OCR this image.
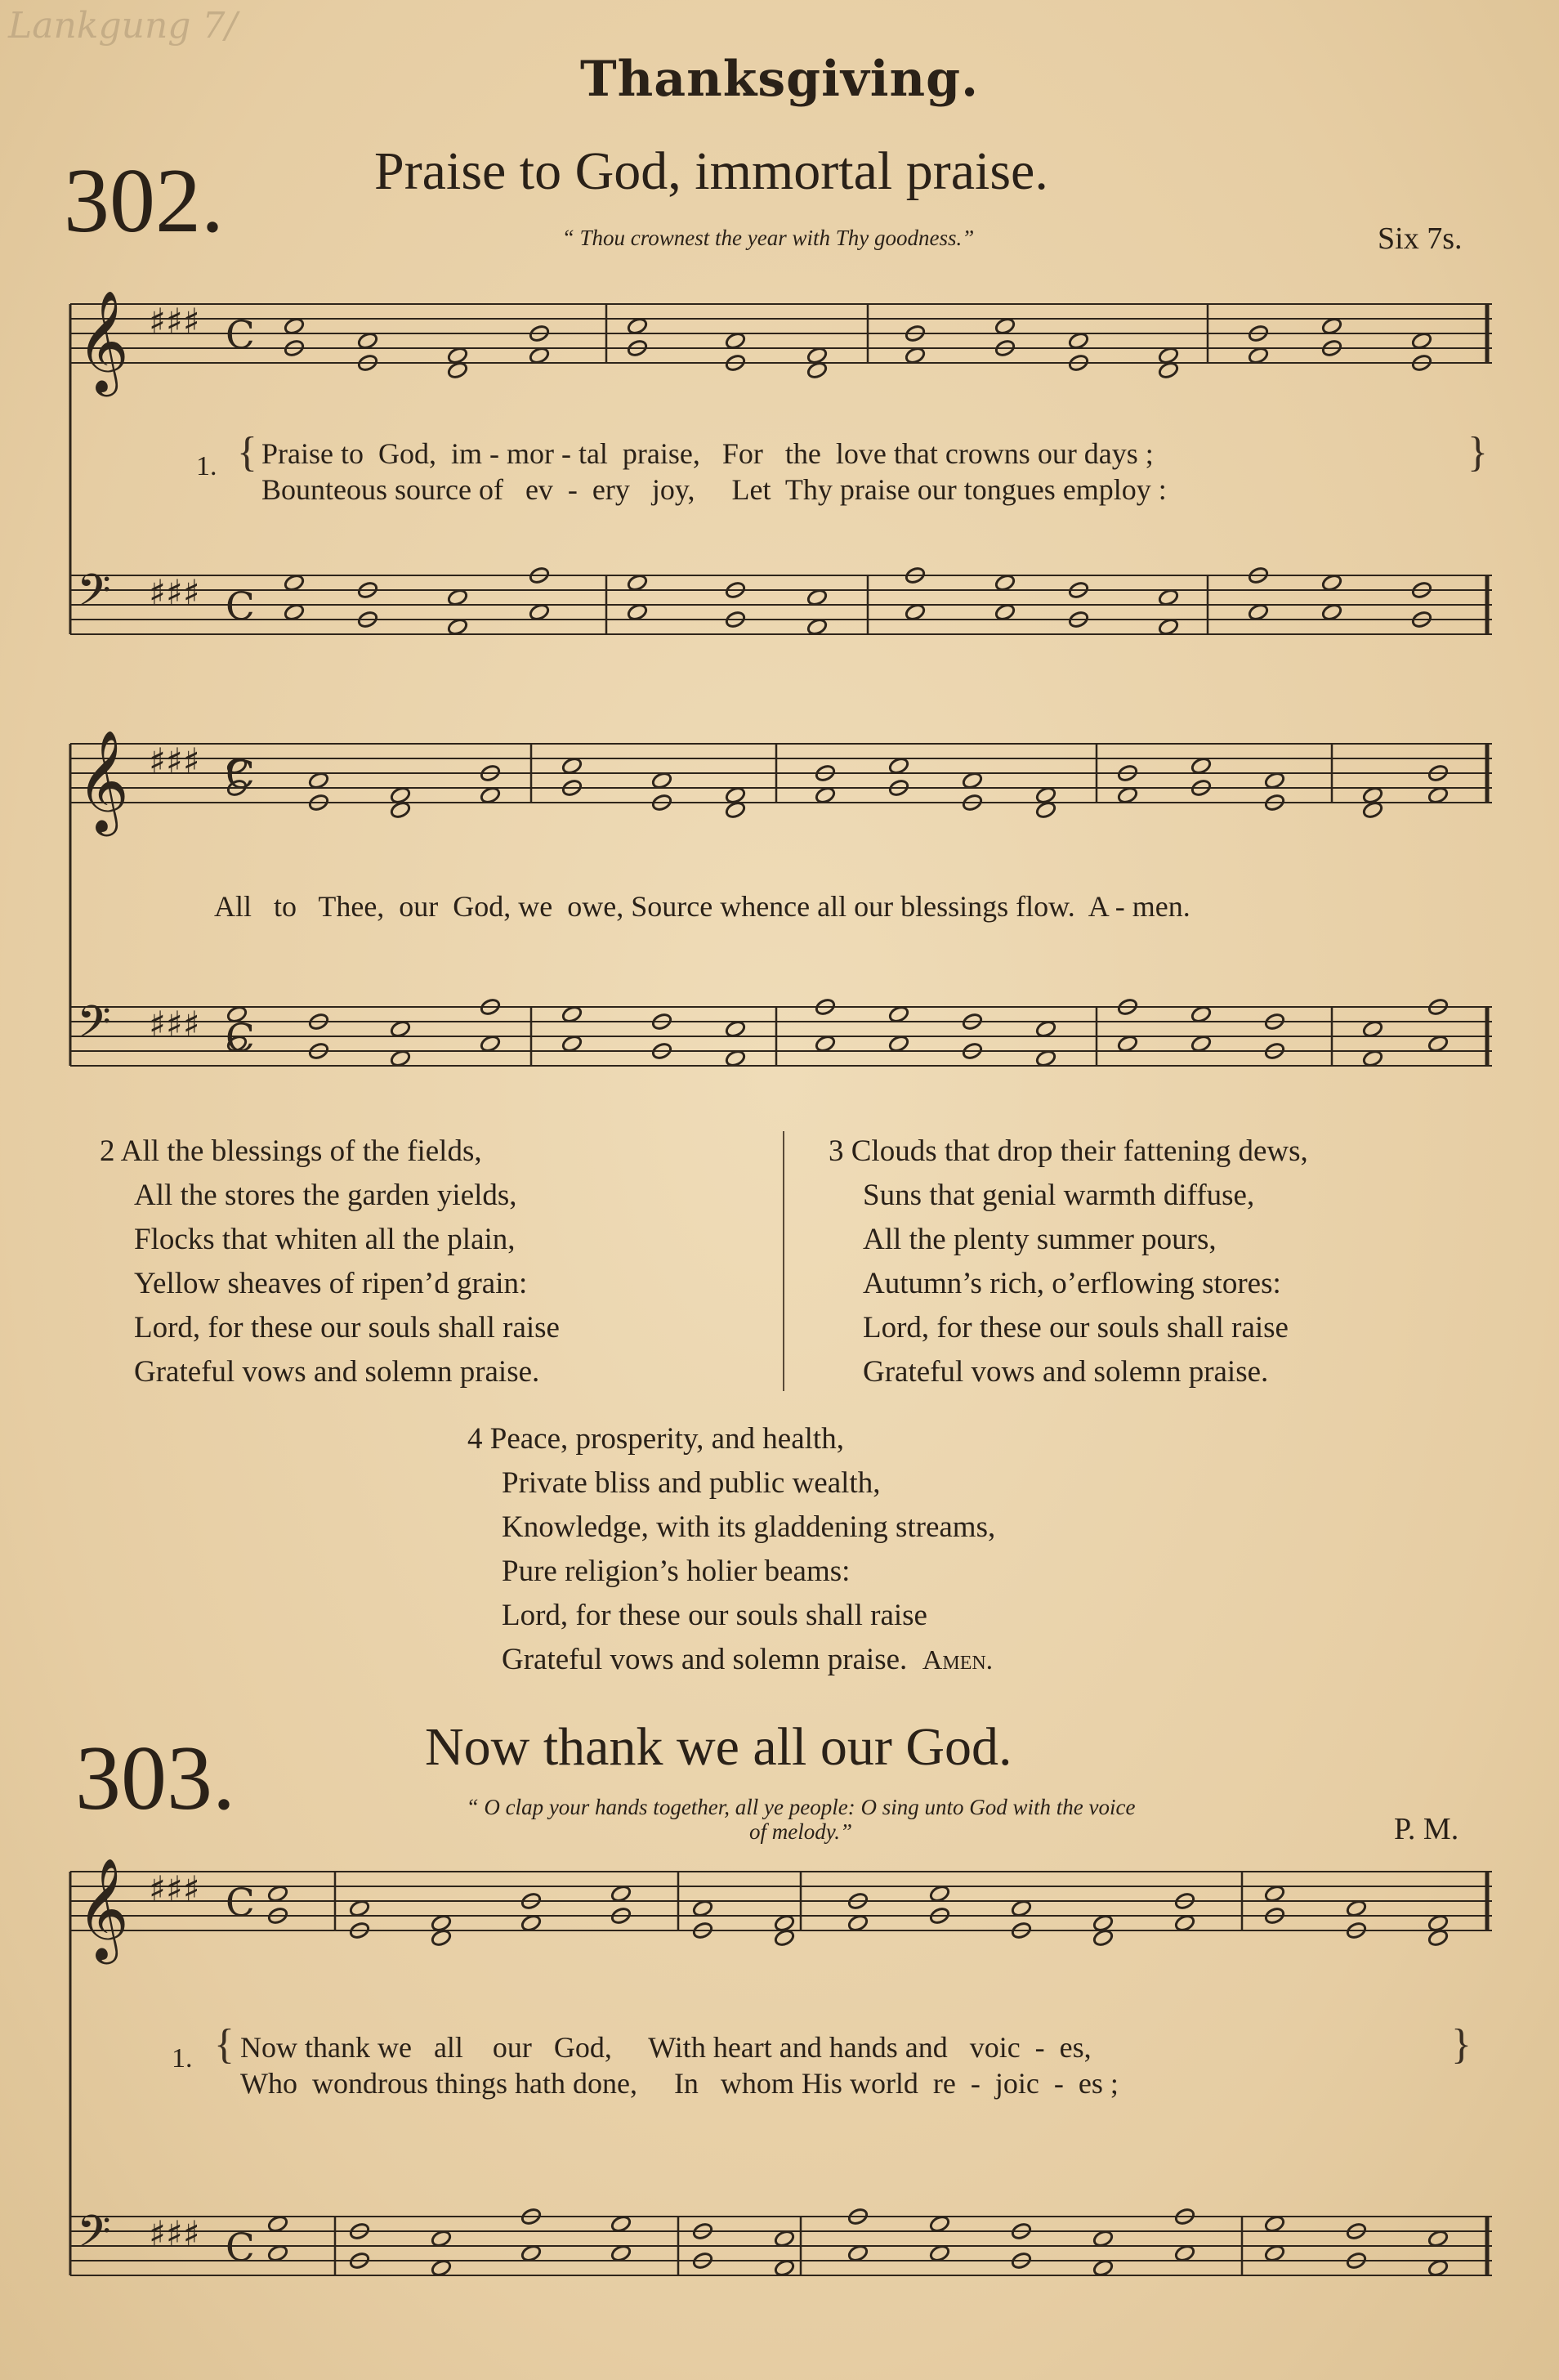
Lankgung 7/
Thanksgiving.
302.	Praise to God, immortal praise.
“ Thou crownest the year with Thy goodness.”	Six 7s.
𝄞 ♯♯♯ C
𝄢 ♯♯♯ C
𝄞 ♯♯♯ C
𝄢 ♯♯♯ C
𝄞 ♯♯♯ C
𝄢 ♯♯♯ C
1. { Praise to  God,  im - mor - tal  praise,   For   the  love that crowns our days ;
Bounteous source of   ev  -  ery   joy,     Let  Thy praise our tongues employ :
}
All   to   Thee,  our  God, we  owe, Source whence all our blessings flow.  A - men.
2 All the blessings of the fields,
All the stores the garden yields,
Flocks that whiten all the plain,
Yellow sheaves of ripen’d grain:
Lord, for these our souls shall raise
Grateful vows and solemn praise.
3 Clouds that drop their fattening dews,
Suns that genial warmth diffuse,
All the plenty summer pours,
Autumn’s rich, o’erflowing stores:
Lord, for these our souls shall raise
Grateful vows and solemn praise.
4 Peace, prosperity, and health,
Private bliss and public wealth,
Knowledge, with its gladdening streams,
Pure religion’s holier beams:
Lord, for these our souls shall raise
Grateful vows and solemn praise. Amen.
303.	Now thank we all our God.
“ O clap your hands together, all ye people: O sing unto God with the voice
of melody.”	P. M.
1. { Now thank we   all    our   God,     With heart and hands and   voic  -  es,
Who  wondrous things hath done,     In   whom His world  re  -  joic  -  es ;
}
